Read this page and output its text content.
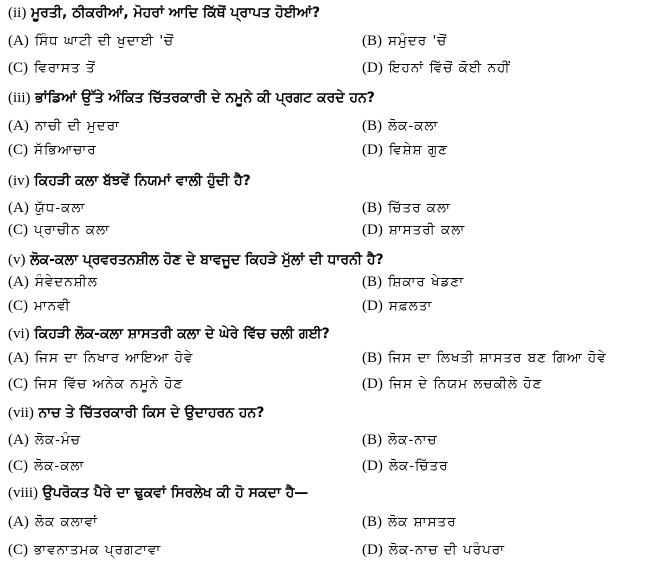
(ii) ਮੂਰਤੀ, ਠੀਕਰੀਆਂ, ਮੋਹਰਾਂ ਆਦਿ ਕਿੱਥੋਂ ਪ੍ਰਾਪਤ ਹੋਈਆਂ?
(A) ਸਿੰਧ ਘਾਟੀ ਦੀ ਖੁਦਾਈ 'ਚੋਂ	(B) ਸਮੁੰਦਰ 'ਚੋਂ
(C) ਵਿਰਾਸਤ ਤੋਂ	(D) ਇਹਨਾਂ ਵਿੱਚੋਂ ਕੋਈ ਨਹੀਂ
(iii) ਭਾਂਡਿਆਂ ਉੱਤੇ ਅੰਕਿਤ ਚਿੱਤਰਕਾਰੀ ਦੇ ਨਮੂਨੇ ਕੀ ਪ੍ਰਗਟ ਕਰਦੇ ਹਨ?
(A) ਨਾਚੀ ਦੀ ਮੁਦਰਾ	(B) ਲੋਕ-ਕਲਾ
(C) ਸੱਭਿਆਚਾਰ	(D) ਵਿਸ਼ੇਸ਼ ਗੁਣ
(iv) ਕਿਹੜੀ ਕਲਾ ਬੱਝਵੇਂ ਨਿਯਮਾਂ ਵਾਲੀ ਹੁੰਦੀ ਹੈ?
(A) ਯੁੱਧ-ਕਲਾ	(B) ਚਿੱਤਰ ਕਲਾ
(C) ਪ੍ਰਾਚੀਨ ਕਲਾ	(D) ਸ਼ਾਸਤਰੀ ਕਲਾ
(v) ਲੋਕ-ਕਲਾ ਪ੍ਰਵਰਤਨਸ਼ੀਲ ਹੋਣ ਦੇ ਬਾਵਜੂਦ ਕਿਹੜੇ ਮੁੱਲਾਂ ਦੀ ਧਾਰਨੀ ਹੈ?
(A) ਸੰਵੇਦਨਸ਼ੀਲ	(B) ਸ਼ਿਕਾਰ ਖੇਡਣਾ
(C) ਮਾਨਵੀ	(D) ਸਫ਼ਲਤਾ
(vi) ਕਿਹੜੀ ਲੋਕ-ਕਲਾ ਸ਼ਾਸਤਰੀ ਕਲਾ ਦੇ ਘੇਰੇ ਵਿੱਚ ਚਲੀ ਗਈ?
(A) ਜਿਸ ਦਾ ਨਿਖਾਰ ਆਇਆ ਹੋਵੇ	(B) ਜਿਸ ਦਾ ਲਿਖਤੀ ਸ਼ਾਸਤਰ ਬਣ ਗਿਆ ਹੋਵੇ
(C) ਜਿਸ ਵਿੱਚ ਅਨੇਕ ਨਮੂਨੇ ਹੋਣ	(D) ਜਿਸ ਦੇ ਨਿਯਮ ਲਚਕੀਲੇ ਹੋਣ
(vii) ਨਾਚ ਤੇ ਚਿੱਤਰਕਾਰੀ ਕਿਸ ਦੇ ਉਦਾਹਰਨ ਹਨ?
(A) ਲੋਕ-ਮੰਚ	(B) ਲੋਕ-ਨਾਚ
(C) ਲੋਕ-ਕਲਾ	(D) ਲੋਕ-ਚਿੱਤਰ
(viii) ਉਪਰੋਕਤ ਪੈਰੇ ਦਾ ਢੁਕਵਾਂ ਸਿਰਲੇਖ ਕੀ ਹੋ ਸਕਦਾ ਹੈ—
(A) ਲੋਕ ਕਲਾਵਾਂ	(B) ਲੋਕ ਸ਼ਾਸਤਰ
(C) ਭਾਵਨਾਤਮਕ ਪ੍ਰਗਟਾਵਾ	(D) ਲੋਕ-ਨਾਚ ਦੀ ਪਰੰਪਰਾ
